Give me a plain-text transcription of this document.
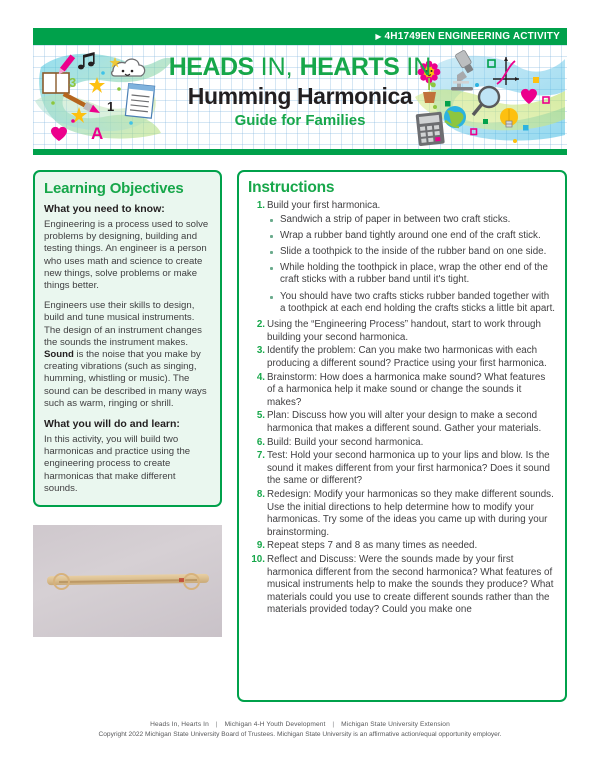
▶ 4H1749EN ENGINEERING ACTIVITY
3
1
A
HEADS IN, HEARTS IN
Humming Harmonica
Guide for Families
Learning Objectives
What you need to know:

Engineering is a process used to solve problems by designing, building and testing things. An engineer is a person who uses math and science to create new things, solve problems or make things better.

Engineers use their skills to design, build and tune musical instruments. The design of an instrument changes the sounds the instrument makes. Sound is the noise that you make by creating vibrations (such as singing, humming, whistling or music). The sound can be described in many ways such as warm, ringing or shrill.

What you will do and learn:

In this activity, you will build two harmonicas and practice using the engineering process to create harmonicas that make different sounds.

Instructions

Build your first harmonica.

Sandwich a strip of paper in between two craft sticks.
Wrap a rubber band tightly around one end of the craft stick.
Slide a toothpick to the inside of the rubber band on one side.
While holding the toothpick in place, wrap the other end of the craft sticks with a rubber band until it's tight.
You should have two crafts sticks rubber banded together with a toothpick at each end holding the crafts sticks a little bit apart.

Using the “Engineering Process” handout, start to work through building your second harmonica.

Identify the problem: Can you make two harmonicas with each producing a different sound? Practice using your first harmonica.

Brainstorm: How does a harmonica make sound? What features of a harmonica help it make sound or change the sounds it makes?

Plan: Discuss how you will alter your design to make a second harmonica that makes a different sound. Gather your materials.

Build: Build your second harmonica.

Test: Hold your second harmonica up to your lips and blow. Is the sound it makes different from your first harmonica? Does it sound the same or different?

Redesign: Modify your harmonicas so they make different sounds. Use the initial directions to help determine how to modify your harmonicas. Try some of the ideas you came up with during your brainstorming.

Repeat steps 7 and 8 as many times as needed.

Reflect and Discuss: Were the sounds made by your first harmonica different from the second harmonica? What features of musical instruments help to make the sounds they produce? What materials could you use to create different sounds rather than the materials provided today? Could you make one

Heads In, Hearts In | Michigan 4-H Youth Development | Michigan State University Extension
Copyright 2022 Michigan State University Board of Trustees. Michigan State University is an affirmative action/equal opportunity employer.
